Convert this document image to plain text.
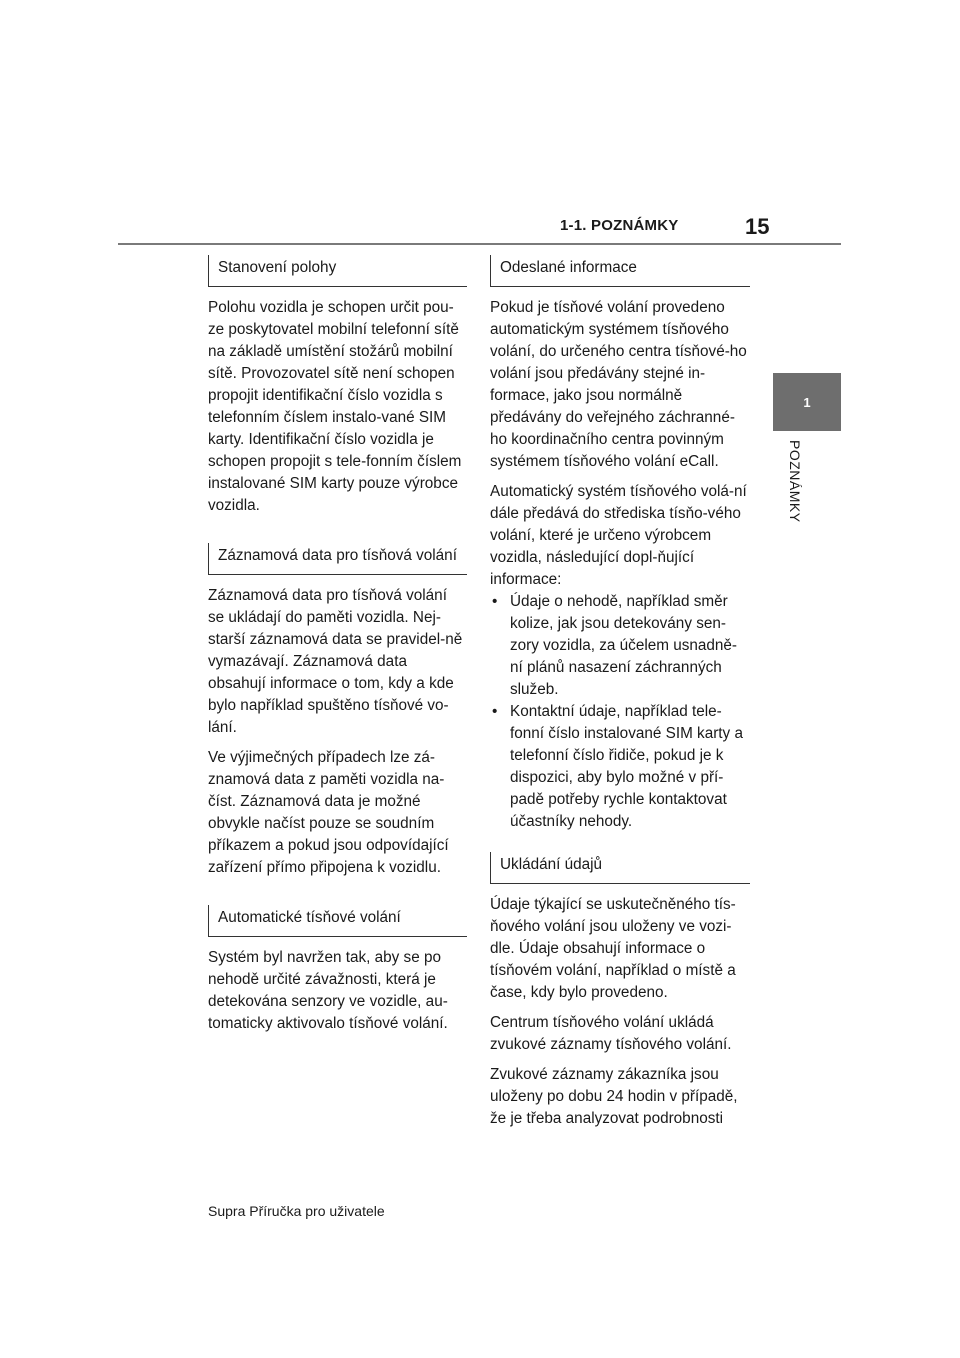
1-1. POZNÁMKY	15
1
POZNÁMKY
Stanovení polohy

Polohu vozidla je schopen určit pou-ze poskytovatel mobilní telefonní sítě na základě umístění stožárů mobilní sítě. Provozovatel sítě není schopen propojit identifikační číslo vozidla s telefonním číslem instalo-vané SIM karty. Identifikační číslo vozidla je schopen propojit s tele-fonním číslem instalované SIM karty pouze výrobce vozidla.

Záznamová data pro tísňová volání

Záznamová data pro tísňová volání se ukládají do paměti vozidla. Nej-starší záznamová data se pravidel-ně vymazávají. Záznamová data obsahují informace o tom, kdy a kde bylo například spuštěno tísňové vo-lání.

Ve výjimečných případech lze zá-znamová data z paměti vozidla na-číst. Záznamová data je možné obvykle načíst pouze se soudním příkazem a pokud jsou odpovídající zařízení přímo připojena k vozidlu.

Automatické tísňové volání

Systém byl navržen tak, aby se po nehodě určité závažnosti, která je detekována senzory ve vozidle, au-tomaticky aktivovalo tísňové volání.

Odeslané informace

Pokud je tísňové volání provedeno automatickým systémem tísňového volání, do určeného centra tísňové-ho volání jsou předávány stejné in-formace, jako jsou normálně předávány do veřejného záchranné-ho koordinačního centra povinným systémem tísňového volání eCall.

Automatický systém tísňového volá-ní dále předává do střediska tísňo-vého volání, které je určeno výrobcem vozidla, následující dopl-ňující informace:

• Údaje o nehodě, například směr kolize, jak jsou detekovány sen-zory vozidla, za účelem usnadně-ní plánů nasazení záchranných služeb.
• Kontaktní údaje, například tele-fonní číslo instalované SIM karty a telefonní číslo řidiče, pokud je k dispozici, aby bylo možné v pří-padě potřeby rychle kontaktovat účastníky nehody.
Ukládání údajů

Údaje týkající se uskutečněného tís-ňového volání jsou uloženy ve vozi-dle. Údaje obsahují informace o tísňovém volání, například o místě a čase, kdy bylo provedeno.

Centrum tísňového volání ukládá zvukové záznamy tísňového volání.

Zvukové záznamy zákazníka jsou uloženy po dobu 24 hodin v případě, že je třeba analyzovat podrobnosti

Supra Příručka pro uživatele
